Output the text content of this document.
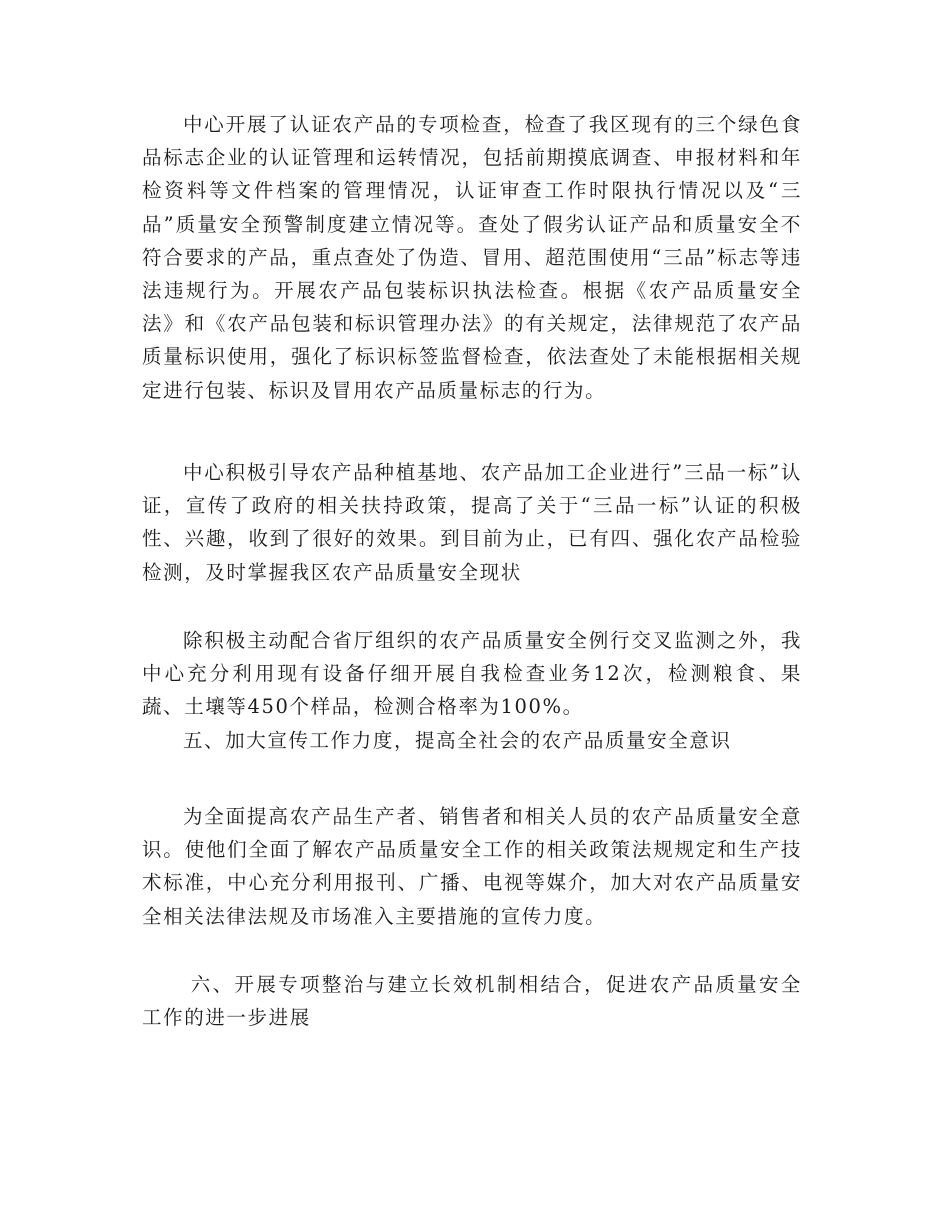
中心开展了认证农产品的专项检查，检查了我区现有的三个绿色食品标志企业的认证管理和运转情况，包括前期摸底调查、申报材料和年检资料等文件档案的管理情况，认证审查工作时限执行情况以及“三品”质量安全预警制度建立情况等。查处了假劣认证产品和质量安全不符合要求的产品，重点查处了伪造、冒用、超范围使用“三品”标志等违法违规行为。开展农产品包装标识执法检查。根据《农产品质量安全法》和《农产品包装和标识管理办法》的有关规定，法律规范了农产品质量标识使用，强化了标识标签监督检查，依法查处了未能根据相关规定进行包装、标识及冒用农产品质量标志的行为。

中心积极引导农产品种植基地、农产品加工企业进行”三品一标”认证，宣传了政府的相关扶持政策，提高了关于“三品一标”认证的积极性、兴趣，收到了很好的效果。到目前为止，已有四、强化农产品检验检测，及时掌握我区农产品质量安全现状

除积极主动配合省厅组织的农产品质量安全例行交叉监测之外，我中心充分利用现有设备仔细开展自我检查业务12次，检测粮食、果蔬、土壤等450个样品，检测合格率为100%。

五、加大宣传工作力度，提高全社会的农产品质量安全意识

为全面提高农产品生产者、销售者和相关人员的农产品质量安全意识。使他们全面了解农产品质量安全工作的相关政策法规规定和生产技术标准，中心充分利用报刊、广播、电视等媒介，加大对农产品质量安全相关法律法规及市场准入主要措施的宣传力度。

六、开展专项整治与建立长效机制相结合，促进农产品质量安全工作的进一步进展
